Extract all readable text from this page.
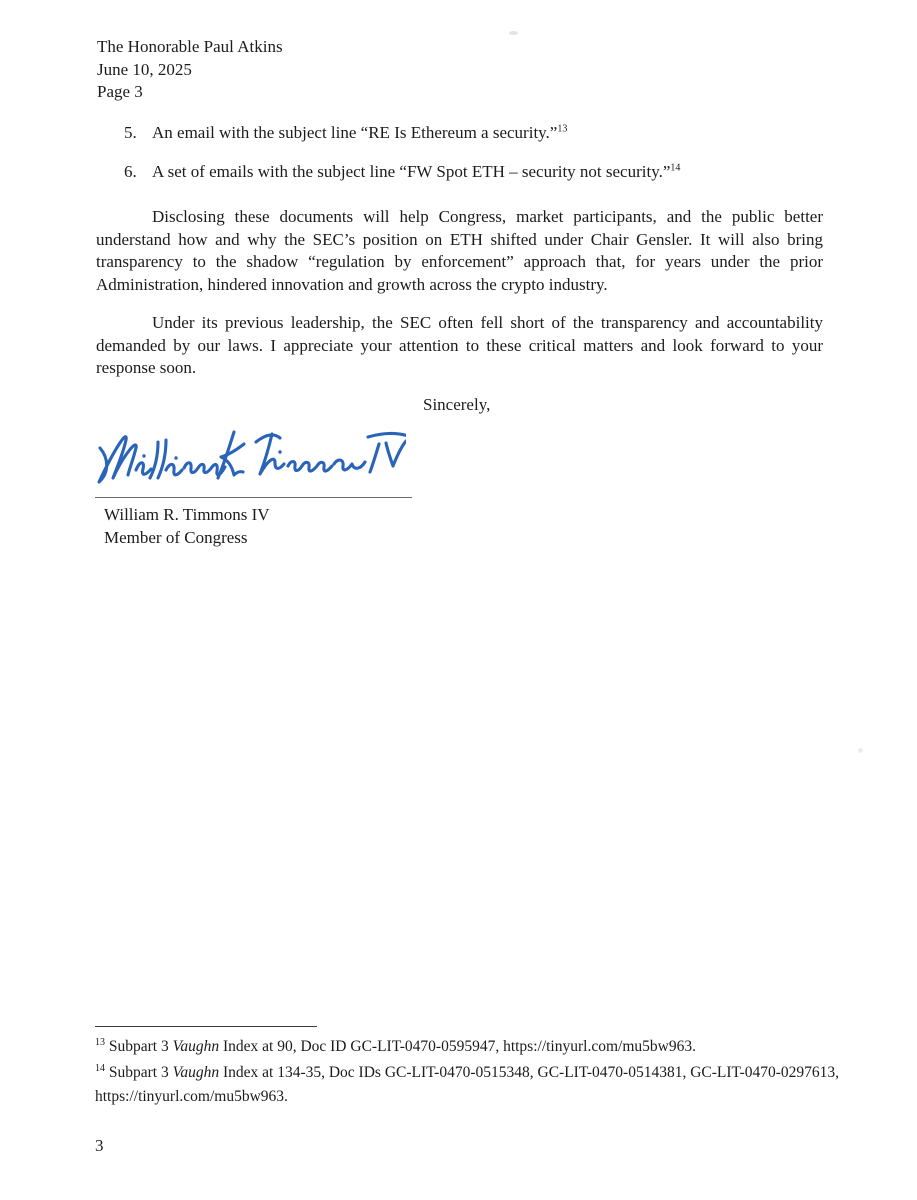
The Honorable Paul Atkins
June 10, 2025
Page 3
5. An email with the subject line “RE Is Ethereum a security.”$^{13}$
6. A set of emails with the subject line “FW Spot ETH – security not security.”$^{14}$

Disclosing these documents will help Congress, market participants, and the public better understand how and why the SEC’s position on ETH shifted under Chair Gensler. It will also bring transparency to the shadow “regulation by enforcement” approach that, for years under the prior Administration, hindered innovation and growth across the crypto industry.

Under its previous leadership, the SEC often fell short of the transparency and accountability demanded by our laws. I appreciate your attention to these critical matters and look forward to your response soon.

Sincerely,
William R. Timmons IV
Member of Congress
$^{13}$ Subpart 3 Vaughn Index at 90, Doc ID GC-LIT-0470-0595947, https://tinyurl.com/mu5bw963.
$^{14}$ Subpart 3 Vaughn Index at 134-35, Doc IDs GC-LIT-0470-0515348, GC-LIT-0470-0514381, GC-LIT-0470-0297613, https://tinyurl.com/mu5bw963.
3
